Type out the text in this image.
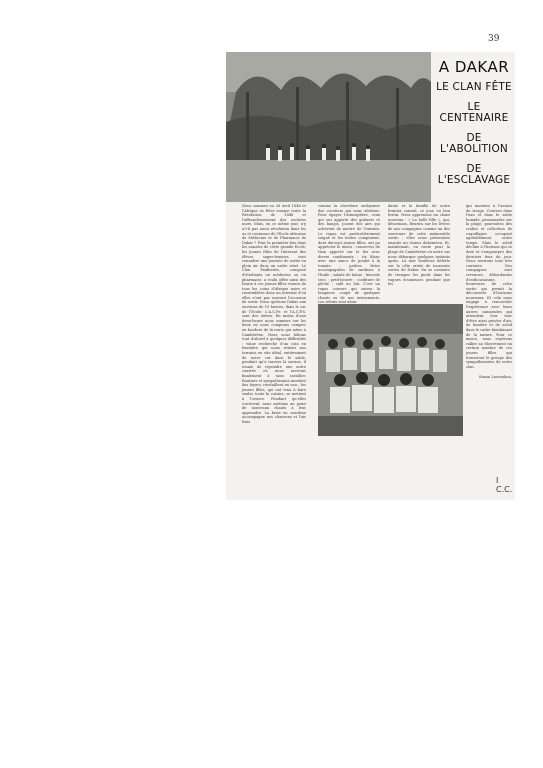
39
A DAKAR
LE CLAN FÊTE
LE CENTENAIRE
DE L'ABOLITION
DE L'ESCLAVAGE
Nous sommes au 28 avril 1848 et l'Afrique va fêter comme toute la Révolution de 1848 et l'affranchissement des esclaves noirs. Mais, en ce même jour, n'y a-t-il pas aussi révolution dans les us et coutumes de l'Ecole africaine de Médecine et de Pharmacie de Dakar ? Pour la première fois dans les annales de cette grande Ecole, les jeunes filles de l'internat des élèves sages-femmes vont connaître une journée de sortie en plein air dans un cadre situé. Le Clan Faidherbe, composé d'étudiants en médecine ou en pharmacie, a voulu offrir ainsi des loisirs à ces jeunes filles venues de tous les coins d'Afrique noire et rassemblées dans un internat d'où elles n'ont pas souvent l'occasion de sortir. Nous quittons Dakar aux environs de 10 heures, dans le car de l'Ecole. L'A.C.Pr. et l'A.C.P.S. sont des nôtres. En moins d'une demi-heure nous sommes sur les lieux où nous comptons camper, en bordure de la route qui mène à Cambérène. Nous nous hâtons tout d'abord à quelques difficultés : vaine recherche d'un coin en frontière qui nous retient nos terrains en site idéal, entièrement de notre car dans le sable, pendant qu'à travers la savane, il essaie de rejoindre une autre contrée où nous arrivons finalement à nous installer. Routiers et sympathisants montent des foyers, ravitaillent en eau ; les jeunes filles, qui ont tenu à faire seules toute la cuisine, se mettent à l'œuvre. Pendant qu'elles s'activent, nous mettons au point de nouveaux chants à leur apprendre. La brise en sourdine accompagne nos chansons et l'air frais
comme la chevelure ondoyante des cocotiers qui nous abritent. Pour égayer l'atmosphère, ceux qui ont apporté des guitares et des banjos, jouent des airs qui achèvent de mettre de l'entrain. Le repas est particulièrement soigné et les tentes comptaient, dont dix-sept jeunes filles, ont pu apprécier le menu : conserves de thon apporté sur le feu avec divers condiments ; riz blanc avec une sauce de poulet à la tomate ; petites frites accompagnées de sardines à l'huile ; salade de laitue ; biscuits secs ; petit-beurre ; confiture de pêche ; café au lait. C'est un repas couvert qui suivra la longueur, coupé de quelques chants ou de nos instruments. Les rebuts sont abon-
dants et la famille de notre fermier conseil, ce jour, ou bon festin. Nous apprenons un chant nouveau : « La belle fille », qui, désormais, fleurira sur les lèvres de nos compagnes comme un des souvenirs de cette mémorable sortie ; elles nous présentent ensuite un chœur dahoméen. Et, maintenant, en route pour la plage de Cambérène où notre car nous débarque quelques instants après. La mer houleuse déferle sur la côte ornée de tournoies vertes de Dakar. On se contente de tremper les pieds dans les vagues écumeuses pendant que les
qui montent à l'assaut du rivage. Courses dans l'eau et dans le sable humide, promenades sur la plage, poursuites des crabes et collection de coquillages occupent agréablement notre temps. Mais le soleil décline à l'horizon qui se dore et s'empourpre des derniers feux du jour. Nous rentrons tous très contents. Nos compagnes sont revenues, débordantes d'enthousiasme, heureuses de cette sortie qui permit la découverte d'horizons nouveaux. Et cela nous engage à renouveler l'expérience avec leurs autres camarades qui attendent leur tour d'être ainsi grisées d'air, de lumière et de soleil dans le cadre bienfaisant de la nature. Pour ce mince, nous espérons rallier au Mouvement un certain nombre de ces jeunes filles qui formeront le groupe des sympathisantes de notre clan.
Simon Lassoukou,
I C.C.
